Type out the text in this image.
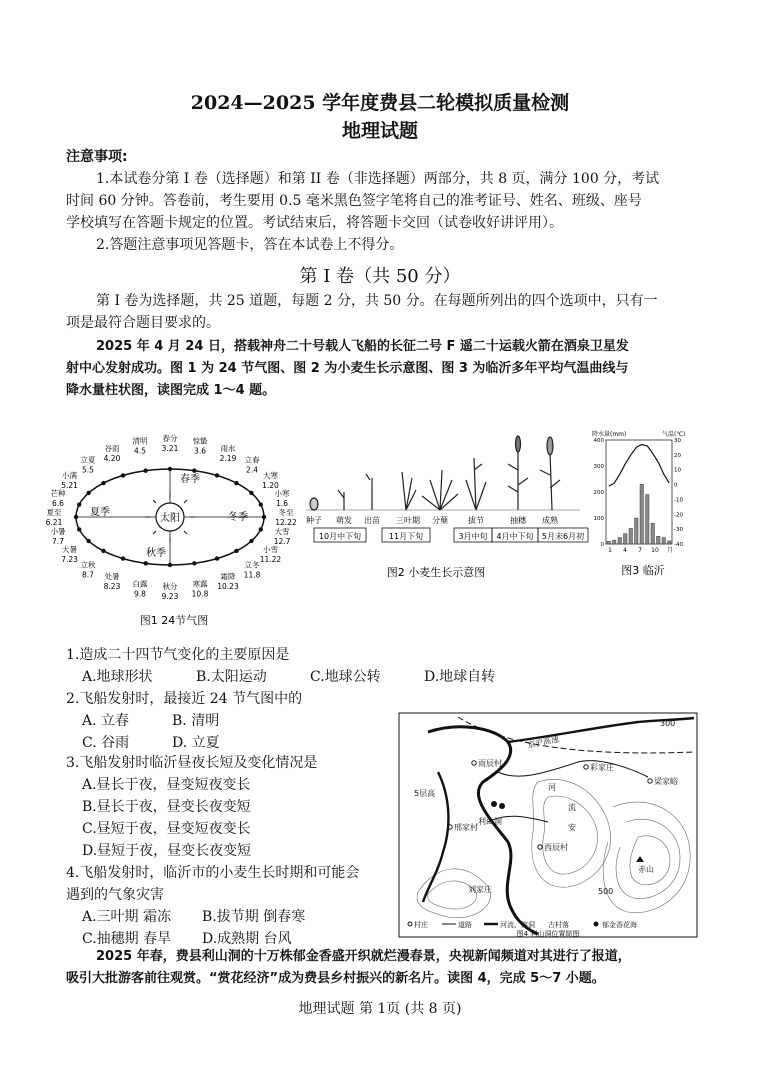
2024—2025 学年度费县二轮模拟质量检测
地理试题
注意事项:
1.本试卷分第 I 卷（选择题）和第 II 卷（非选择题）两部分，共 8 页，满分 100 分，考试
时间 60 分钟。答卷前，考生要用 0.5 毫米黑色签字笔将自己的准考证号、姓名、班级、座号
学校填写在答题卡规定的位置。考试结束后，将答题卡交回（试卷收好讲评用）。
2.答题注意事项见答题卡，答在本试卷上不得分。
第 I 卷（共 50 分）
第 I 卷为选择题，共 25 道题，每题 2 分，共 50 分。在每题所列出的四个选项中，只有一
项是最符合题目要求的。
2025 年 4 月 24 日，搭载神舟二十号载人飞船的长征二号 F 遥二十运载火箭在酒泉卫星发
射中心发射成功。图 1 为 24 节气图、图 2 为小麦生长示意图、图 3 为临沂多年平均气温曲线与
降水量柱状图，读图完成 1～4 题。
太阳
春季
夏季
秋季
冬季
春分
3.21
清明
4.5
谷雨
4.20
立夏
5.5
小满
5.21
芒种
6.6
夏至
6.21
小暑
7.7
大暑
7.23
立秋
8.7 处暑
8.23 白露
9.8
秋分
9.23
寒露
10.8
霜降
10.23
立冬
11.8
小雪
11.22
大雪
12.7
冬至
12.22
小寒
1.6
大寒
1.20
立春
2.4
雨水
2.19
惊蛰
3.6
图1 24节气图
种子 萌发 出苗 三叶期 分蘖	拔节	抽穗 成熟
10月中下旬	11月下旬	3月中旬 4月中下旬 5月末6月初
图2 小麦生长示意图
降水量(mm)	气温(℃)
400
300
200
100
0
30
20
10
0
-10
-20
-30
-40
1 4 7 10 月
图3 临沂
1.造成二十四节气变化的主要原因是
A.地球形状	B.太阳运动	C.地球公转	D.地球自转
2.飞船发射时，最接近 24 节气图中的
A. 立春	B. 清明
C. 谷雨	D. 立夏
3.飞船发射时临沂昼夜长短及变化情况是
A.昼长于夜，昼变短夜变长
B.昼长于夜，昼变长夜变短
C.昼短于夜，昼变短夜变长
D.昼短于夜，昼变长夜变短
4.飞船发射时，临沂市的小麦生长时期和可能会
遇到的气象灾害
A.三叶期 霜冻 B.拔节期 倒春寒
C.抽穗期 春旱 D.成熟期 台风
雨辰村
邢家村
利山洞
西辰村
彩家庄
梁家峪
赤山
刘家庄
5层高
京沪高速
河
流
安
500
300
村庄	道路	河流、溶洞 古村落	郁金香花海
图4 利山洞位置简图
2025 年春，费县利山洞的十万株郁金香盛开织就烂漫春景，央视新闻频道对其进行了报道，
吸引大批游客前往观赏。“赏花经济”成为费县乡村振兴的新名片。读图 4，完成 5～7 小题。
地理试题 第 1页 (共 8 页)
